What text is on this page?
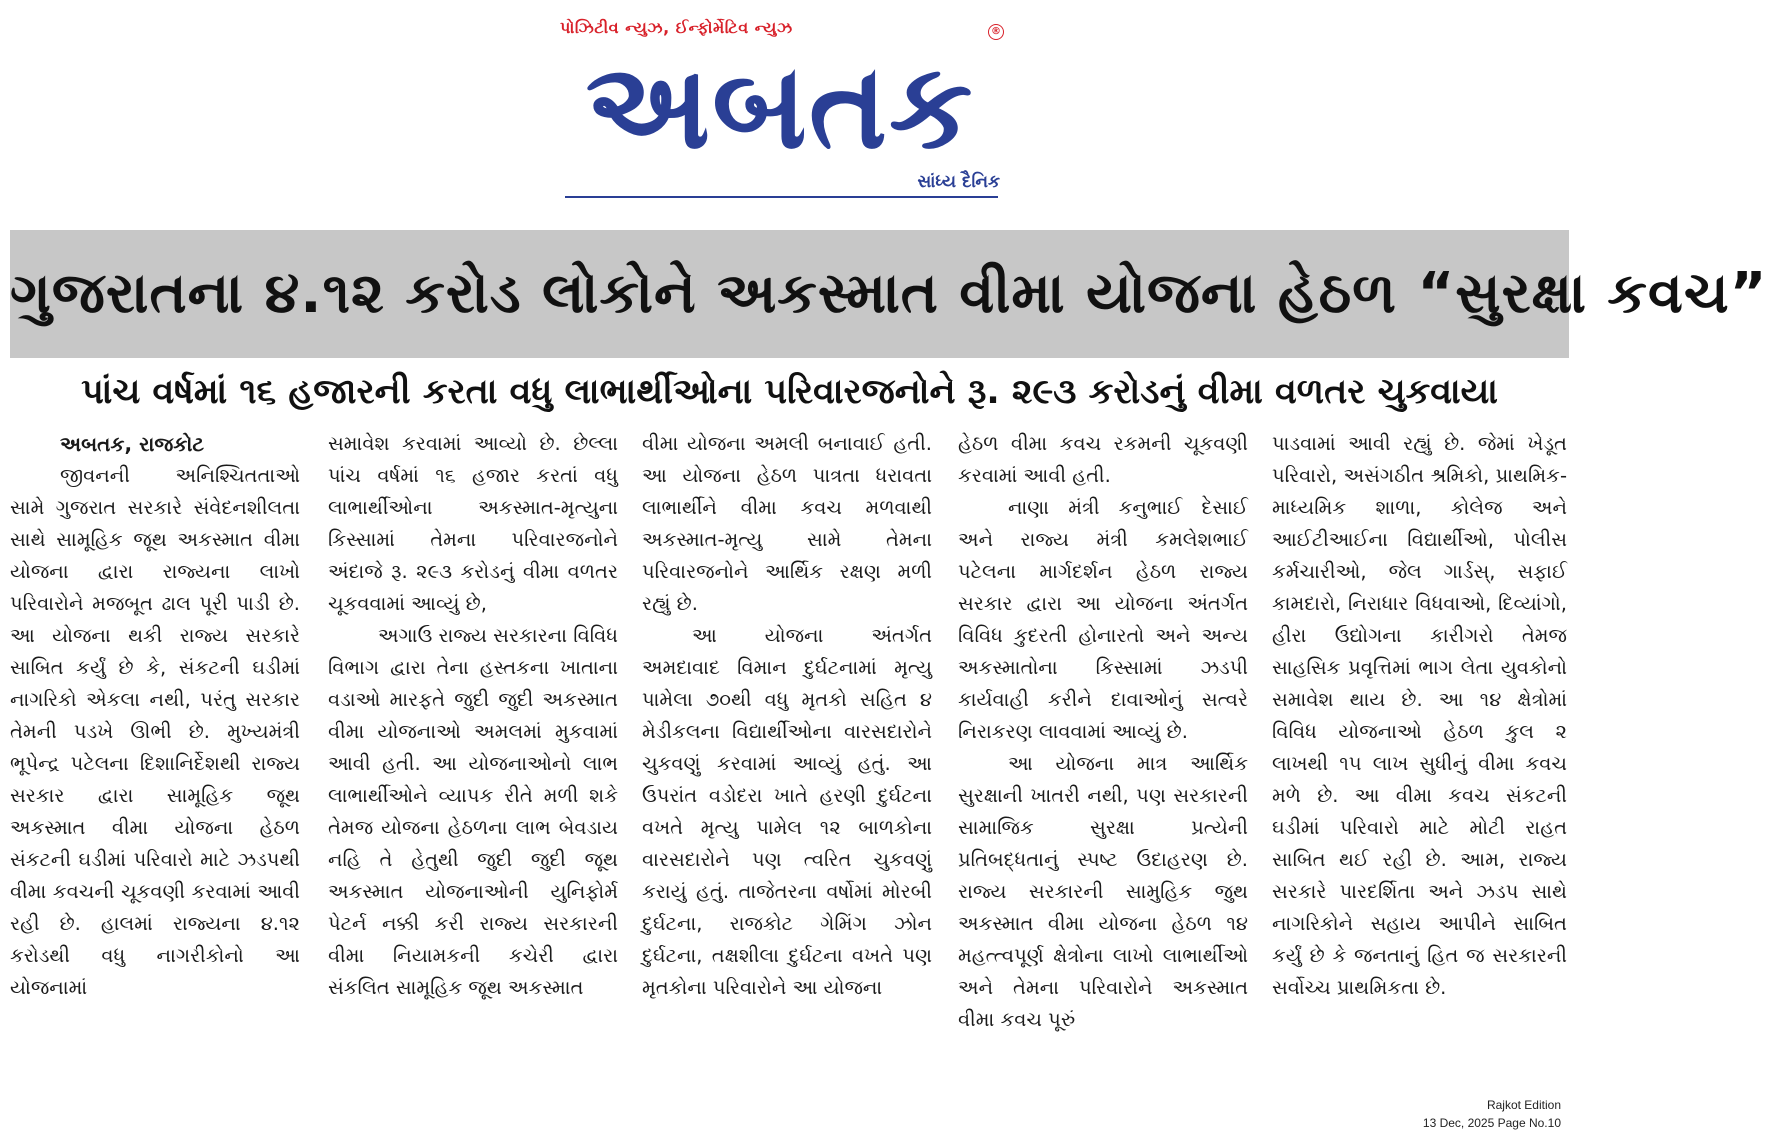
પોઝિટીવ ન્યુઝ, ઈન્ફોર્મેટિવ ન્યુઝ	®
અબતક
સાંધ્ય દૈનિક
ગુજરાતના ૪.૧૨ કરોડ લોકોને અકસ્માત વીમા યોજના હેઠળ “સુરક્ષા કવચ”
પાંચ વર્ષમાં ૧૬ હજારની કરતા વધુ લાભાર્થીઓના પરિવારજનોને રૂ. ૨૯૩ કરોડનું વીમા વળતર ચુકવાયા

અબતક, રાજકોટ

જીવનની અનિશ્ચિતતાઓ સામે ગુજરાત સરકારે સંવેદનશીલતા સાથે સામૂહિક જૂથ અકસ્માત વીમા યોજના દ્વારા રાજ્યના લાખો પરિવારોને મજબૂત ઢાલ પૂરી પાડી છે. આ યોજના થકી રાજ્ય સરકારે સાબિત કર્યું છે કે, સંકટની ઘડીમાં નાગરિકો એકલા નથી, પરંતુ સરકાર તેમની પડખે ઊભી છે. મુખ્યમંત્રી ભૂપેન્દ્ર પટેલના દિશાનિર્દેશથી રાજ્ય સરકાર દ્વારા સામૂહિક જૂથ અકસ્માત વીમા યોજના હેઠળ સંકટની ઘડીમાં પરિવારો માટે ઝડપથી વીમા કવચની ચૂકવણી કરવામાં આવી રહી છે. હાલમાં રાજ્યના ૪.૧૨ કરોડથી વધુ નાગરીકોનો આ યોજનામાં

સમાવેશ કરવામાં આવ્યો છે. છેલ્લા પાંચ વર્ષમાં ૧૬ હજાર કરતાં વધુ લાભાર્થીઓના અકસ્માત-મૃત્યુના કિસ્સામાં તેમના પરિવારજનોને અંદાજે રૂ. ૨૯૩ કરોડનું વીમા વળતર ચૂકવવામાં આવ્યું છે,

અગાઉ રાજ્ય સરકારના વિવિધ વિભાગ દ્વારા તેના હસ્તકના ખાતાના વડાઓ મારફતે જુદી જુદી અકસ્માત વીમા યોજનાઓ અમલમાં મુકવામાં આવી હતી. આ યોજનાઓનો લાભ લાભાર્થીઓને વ્યાપક રીતે મળી શકે તેમજ યોજના હેઠળના લાભ બેવડાય નહિ તે હેતુથી જુદી જુદી જૂથ અકસ્માત યોજનાઓની યુનિફોર્મ પેટર્ન નક્કી કરી રાજ્ય સરકારની વીમા નિયામકની કચેરી દ્વારા સંકલિત સામૂહિક જૂથ અકસ્માત

વીમા યોજના અમલી બનાવાઈ હતી. આ યોજના હેઠળ પાત્રતા ધરાવતા લાભાર્થીને વીમા કવચ મળવાથી અકસ્માત-મૃત્યુ સામે તેમના પરિવારજનોને આર્થિક રક્ષણ મળી રહ્યું છે.

આ યોજના અંતર્ગત અમદાવાદ વિમાન દુર્ઘટનામાં મૃત્યુ પામેલા ૭૦થી વધુ મૃતકો સહિત ૪ મેડીકલના વિદ્યાર્થીઓના વારસદારોને ચુકવણું કરવામાં આવ્યું હતું. આ ઉપરાંત વડોદરા ખાતે હરણી દુર્ઘટના વખતે મૃત્યુ પામેલ ૧૨ બાળકોના વારસદારોને પણ ત્વરિત ચુકવણું કરાયું હતું. તાજેતરના વર્ષોમાં મોરબી દુર્ઘટના, રાજકોટ ગેમિંગ ઝોન દુર્ઘટના, તક્ષશીલા દુર્ઘટના વખતે પણ મૃતકોના પરિવારોને આ યોજના

હેઠળ વીમા કવચ રકમની ચૂકવણી કરવામાં આવી હતી.

નાણા મંત્રી કનુભાઈ દેસાઈ અને રાજ્ય મંત્રી કમલેશભાઈ પટેલના માર્ગદર્શન હેઠળ રાજ્ય સરકાર દ્વારા આ યોજના અંતર્ગત વિવિધ કુદરતી હોનારતો અને અન્ય અકસ્માતોના કિસ્સામાં ઝડપી કાર્યવાહી કરીને દાવાઓનું સત્વરે નિરાકરણ લાવવામાં આવ્યું છે.

આ યોજના માત્ર આર્થિક સુરક્ષાની ખાતરી નથી, પણ સરકારની સામાજિક સુરક્ષા પ્રત્યેની પ્રતિબદ્ધતાનું સ્પષ્ટ ઉદાહરણ છે. રાજ્ય સરકારની સામુહિક જુથ અકસ્માત વીમા યોજના હેઠળ ૧૪ મહત્ત્વપૂર્ણ ક્ષેત્રોના લાખો લાભાર્થીઓ અને તેમના પરિવારોને અકસ્માત વીમા કવચ પૂરું

પાડવામાં આવી રહ્યું છે. જેમાં ખેડૂત પરિવારો, અસંગઠીત શ્રમિકો, પ્રાથમિક-માધ્યમિક શાળા, કોલેજ અને આઈટીઆઈના વિદ્યાર્થીઓ, પોલીસ કર્મચારીઓ, જેલ ગાર્ડસ્, સફાઈ કામદારો, નિરાધાર વિધવાઓ, દિવ્યાંગો, હીરા ઉદ્યોગના કારીગરો તેમજ સાહસિક પ્રવૃત્તિમાં ભાગ લેતા યુવકોનો સમાવેશ થાય છે. આ ૧૪ ક્ષેત્રોમાં વિવિધ યોજનાઓ હેઠળ કુલ ૨ લાખથી ૧૫ લાખ સુધીનું વીમા કવચ મળે છે. આ વીમા કવચ સંકટની ઘડીમાં પરિવારો માટે મોટી રાહત સાબિત થઈ રહી છે. આમ, રાજ્ય સરકારે પારદર્શિતા અને ઝડપ સાથે નાગરિકોને સહાય આપીને સાબિત કર્યું છે કે જનતાનું હિત જ સરકારની સર્વોચ્ચ પ્રાથમિકતા છે.

Rajkot Edition
13 Dec, 2025 Page No.10
